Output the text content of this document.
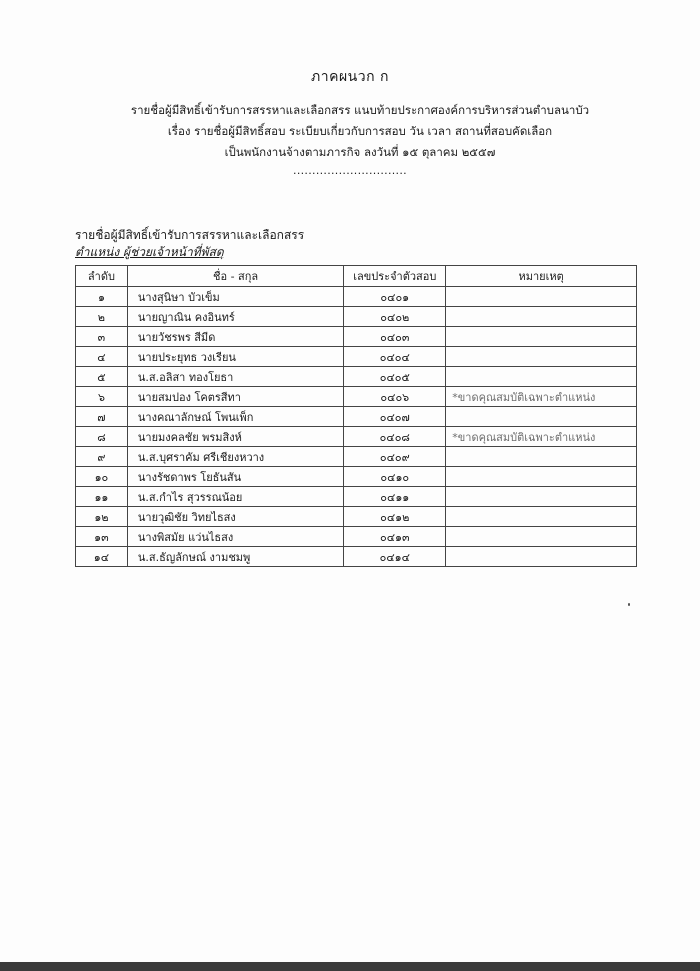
ภาคผนวก ก
รายชื่อผู้มีสิทธิ์เข้ารับการสรรหาและเลือกสรร แนบท้ายประกาศองค์การบริหารส่วนตำบลนาบัว
เรื่อง รายชื่อผู้มีสิทธิ์สอบ ระเบียบเกี่ยวกับการสอบ วัน เวลา สถานที่สอบคัดเลือก
เป็นพนักงานจ้างตามภารกิจ ลงวันที่ ๑๕ ตุลาคม ๒๕๕๗
..............................
รายชื่อผู้มีสิทธิ์เข้ารับการสรรหาและเลือกสรร
ตำแหน่ง ผู้ช่วยเจ้าหน้าที่พัสดุ
ลำดับ	ชื่อ - สกุล	เลขประจำตัวสอบ	หมายเหตุ
๑	นางสุนิษา บัวเข็ม	๐๔๐๑	
๒	นายญาณิน คงอินทร์	๐๔๐๒	
๓	นายวัชรพร สีมีด	๐๔๐๓	
๔	นายประยุทธ วงเรียน	๐๔๐๔	
๕	น.ส.อลิสา ทองโยธา	๐๔๐๕	
๖	นายสมปอง โคตรสีทา	๐๔๐๖	*ขาดคุณสมบัติเฉพาะตำแหน่ง
๗	นางคณาลักษณ์ โพนเพ็ก	๐๔๐๗	
๘	นายมงคลชัย พรมสิงห์	๐๔๐๘	*ขาดคุณสมบัติเฉพาะตำแหน่ง
๙	น.ส.บุศราคัม ศรีเชียงหวาง	๐๔๐๙	
๑๐	นางรัชดาพร โยธันสัน	๐๔๑๐	
๑๑	น.ส.กำไร สุวรรณน้อย	๐๔๑๑	
๑๒	นายวุฒิชัย วิทยไธสง	๐๔๑๒	
๑๓	นางพิสมัย แว่นไธสง	๐๔๑๓	
๑๔	น.ส.ธัญลักษณ์ งามชมพู	๐๔๑๔	
